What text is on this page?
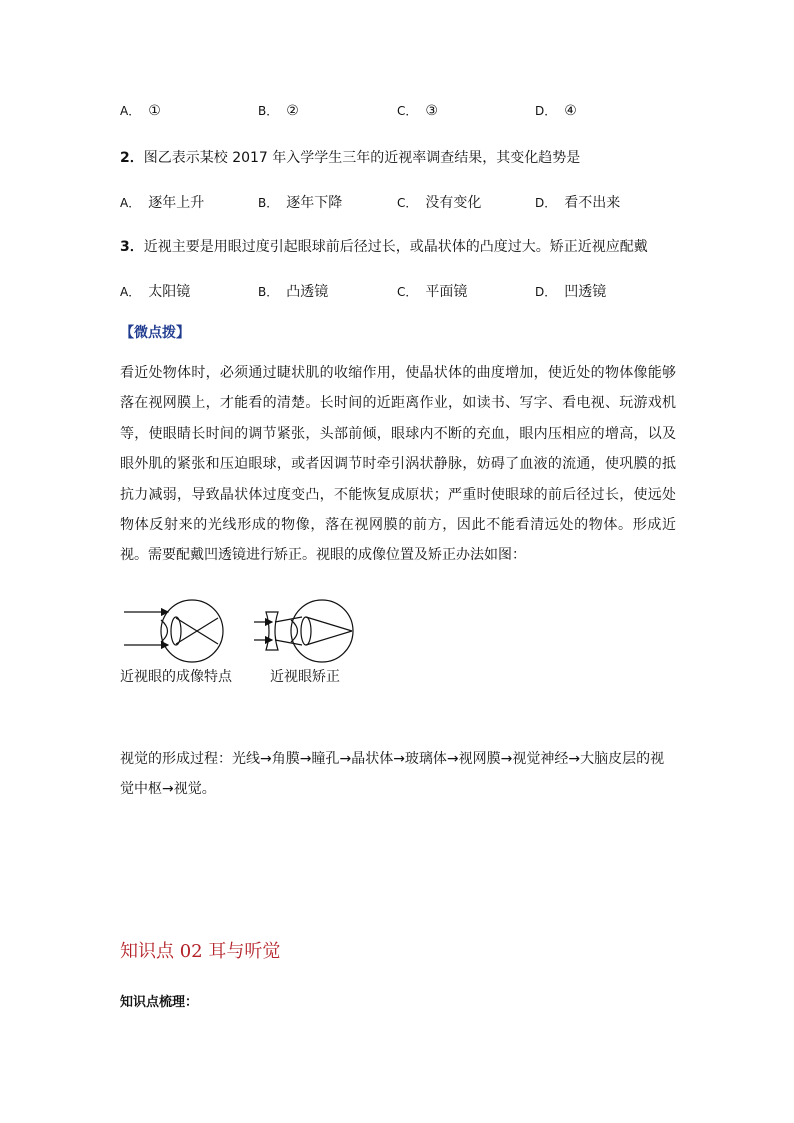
A． ①	B． ②	C． ③	D． ④
2．图乙表示某校 2017 年入学学生三年的近视率调查结果，其变化趋势是
A． 逐年上升	B． 逐年下降	C． 没有变化	D． 看不出来
3．近视主要是用眼过度引起眼球前后径过长，或晶状体的凸度过大。矫正近视应配戴
A． 太阳镜	B． 凸透镜	C． 平面镜	D． 凹透镜
【微点拨】
看近处物体时，必须通过睫状肌的收缩作用，使晶状体的曲度增加，使近处的物体像能够落在视网膜上，才能看的清楚。长时间的近距离作业，如读书、写字、看电视、玩游戏机等，使眼睛长时间的调节紧张，头部前倾，眼球内不断的充血，眼内压相应的增高，以及眼外肌的紧张和压迫眼球，或者因调节时牵引涡状静脉，妨碍了血液的流通，使巩膜的抵抗力减弱，导致晶状体过度变凸，不能恢复成原状；严重时使眼球的前后径过长，使远处物体反射来的光线形成的物像，落在视网膜的前方，因此不能看清远处的物体。形成近视。需要配戴凹透镜进行矫正。视眼的成像位置及矫正办法如图：
近视眼的成像特点	近视眼矫正
视觉的形成过程：光线→角膜→瞳孔→晶状体→玻璃体→视网膜→视觉神经→大脑皮层的视觉中枢→视觉。
知识点 02 耳与听觉
知识点梳理：
